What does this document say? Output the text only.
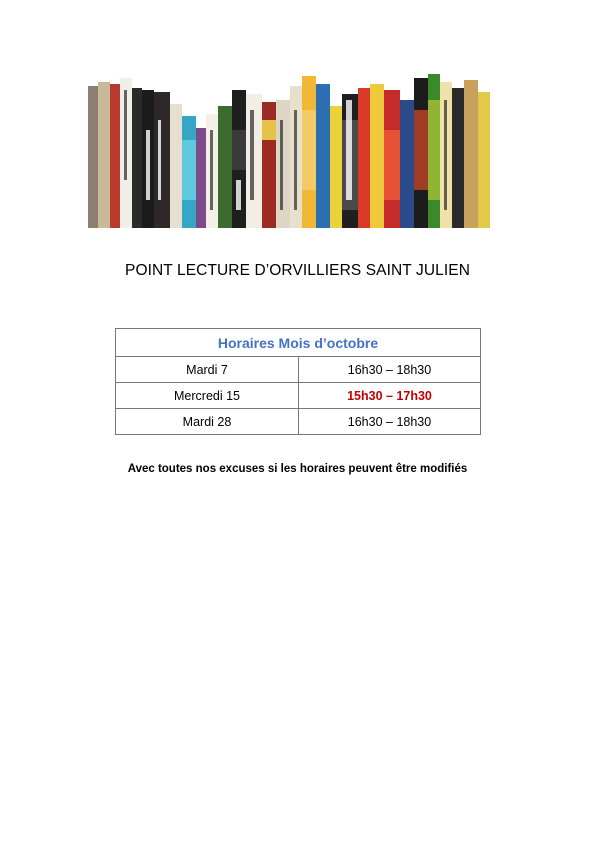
POINT LECTURE D’ORVILLIERS SAINT JULIEN
Horaires Mois d’octobre	
Mardi 7	16h30 – 18h30
Mercredi 15	15h30 – 17h30
Mardi 28	16h30 – 18h30
Avec toutes nos excuses si les horaires peuvent être modifiés
